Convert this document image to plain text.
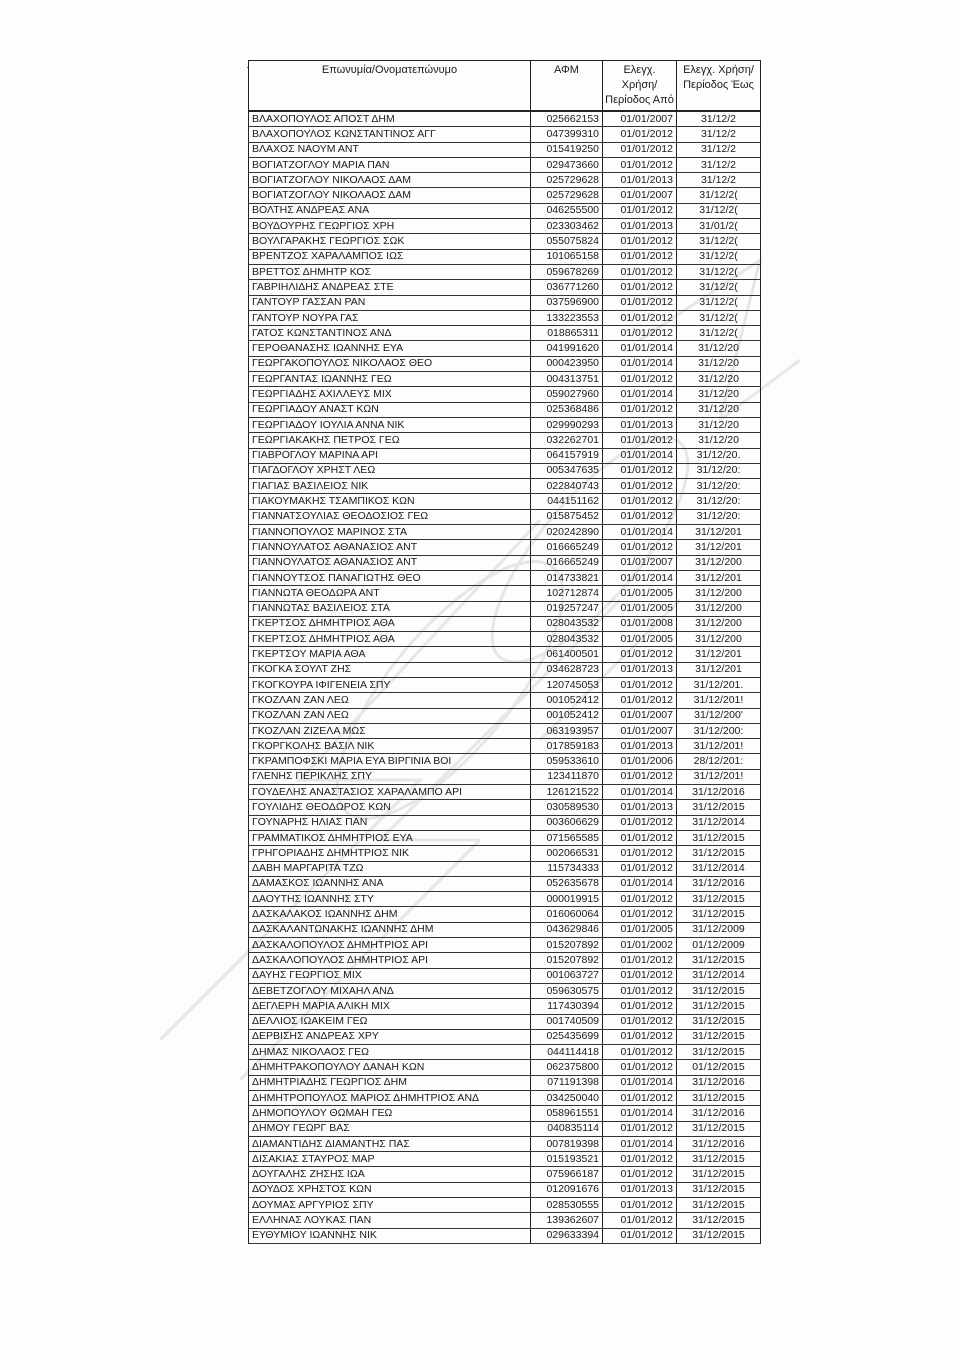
Επωνυμία/Ονοματεπώνυμο	ΑΦΜ	Ελεγχ. Χρήση/Περίοδος Από	Ελεγχ. Χρήση/Περίοδος Έως
ΒΛΑΧΟΠΟΥΛΟΣ ΑΠΟΣΤ ΔΗΜ	025662153	01/01/2007	31/12/2
ΒΛΑΧΟΠΟΥΛΟΣ ΚΩΝΣΤΑΝΤΙΝΟΣ ΑΓΓ	047399310	01/01/2012	31/12/2
ΒΛΑΧΟΣ ΝΑΟΥΜ ΑΝΤ	015419250	01/01/2012	31/12/2
ΒΟΓΙΑΤΖΟΓΛΟΥ ΜΑΡΙΑ ΠΑΝ	029473660	01/01/2012	31/12/2
ΒΟΓΙΑΤΖΟΓΛΟΥ ΝΙΚΟΛΑΟΣ ΔΑΜ	025729628	01/01/2013	31/12/2
ΒΟΓΙΑΤΖΟΓΛΟΥ ΝΙΚΟΛΑΟΣ ΔΑΜ	025729628	01/01/2007	31/12/2(
ΒΟΛΤΗΣ ΑΝΔΡΕΑΣ ΑΝΑ	046255500	01/01/2012	31/12/2(
ΒΟΥΔΟΥΡΗΣ ΓΕΩΡΓΙΟΣ ΧΡΗ	023303462	01/01/2013	31/01/2(
ΒΟΥΛΓΑΡΑΚΗΣ ΓΕΩΡΓΙΟΣ ΣΩΚ	055075824	01/01/2012	31/12/2(
ΒΡΕΝΤΖΟΣ ΧΑΡΑΛΑΜΠΟΣ ΙΩΣ	101065158	01/01/2012	31/12/2(
ΒΡΕΤΤΟΣ ΔΗΜΗΤΡ ΚΟΣ	059678269	01/01/2012	31/12/2(
ΓΑΒΡΙΗΛΙΔΗΣ ΑΝΔΡΕΑΣ ΣΤΕ	036771260	01/01/2012	31/12/2(
ΓΑΝΤΟΥΡ ΓΑΣΣΑΝ ΡΑΝ	037596900	01/01/2012	31/12/2(
ΓΑΝΤΟΥΡ ΝΟΥΡΑ ΓΑΣ	133223553	01/01/2012	31/12/2(
ΓΑΤΟΣ ΚΩΝΣΤΑΝΤΙΝΟΣ ΑΝΔ	018865311	01/01/2012	31/12/2(
ΓΕΡΟΘΑΝΑΣΗΣ ΙΩΑΝΝΗΣ ΕΥΑ	041991620	01/01/2014	31/12/20
ΓΕΩΡΓΑΚΟΠΟΥΛΟΣ ΝΙΚΟΛΑΟΣ ΘΕΟ	000423950	01/01/2014	31/12/20
ΓΕΩΡΓΑΝΤΑΣ ΙΩΑΝΝΗΣ ΓΕΩ	004313751	01/01/2012	31/12/20
ΓΕΩΡΓΙΑΔΗΣ ΑΧΙΛΛΕΥΣ ΜΙΧ	059027960	01/01/2014	31/12/20
ΓΕΩΡΓΙΑΔΟΥ ΑΝΑΣΤ ΚΩΝ	025368486	01/01/2012	31/12/20
ΓΕΩΡΓΙΑΔΟΥ ΙΟΥΛΙΑ ΑΝΝΑ ΝΙΚ	029990293	01/01/2013	31/12/20
ΓΕΩΡΓΙΑΚΑΚΗΣ ΠΕΤΡΟΣ ΓΕΩ	032262701	01/01/2012	31/12/20
ΓΙΑΒΡΟΓΛΟΥ ΜΑΡΙΝΑ ΑΡΙ	064157919	01/01/2014	31/12/20.
ΓΙΑΓΔΟΓΛΟΥ ΧΡΗΣΤ ΛΕΩ	005347635	01/01/2012	31/12/20:
ΓΙΑΓΙΑΣ ΒΑΣΙΛΕΙΟΣ ΝΙΚ	022840743	01/01/2012	31/12/20:
ΓΙΑΚΟΥΜΑΚΗΣ ΤΣΑΜΠΙΚΟΣ ΚΩΝ	044151162	01/01/2012	31/12/20:
ΓΙΑΝΝΑΤΣΟΥΛΙΑΣ ΘΕΟΔΟΣΙΟΣ ΓΕΩ	015875452	01/01/2012	31/12/20:
ΓΙΑΝΝΟΠΟΥΛΟΣ ΜΑΡΙΝΟΣ ΣΤΑ	020242890	01/01/2014	31/12/201
ΓΙΑΝΝΟΥΛΑΤΟΣ ΑΘΑΝΑΣΙΟΣ ΑΝΤ	016665249	01/01/2012	31/12/201
ΓΙΑΝΝΟΥΛΑΤΟΣ ΑΘΑΝΑΣΙΟΣ ΑΝΤ	016665249	01/01/2007	31/12/200
ΓΙΑΝΝΟΥΤΣΟΣ ΠΑΝΑΓΙΩΤΗΣ ΘΕΟ	014733821	01/01/2014	31/12/201
ΓΙΑΝΝΩΤΑ ΘΕΟΔΩΡΑ ΑΝΤ	102712874	01/01/2005	31/12/200
ΓΙΑΝΝΩΤΑΣ ΒΑΣΙΛΕΙΟΣ ΣΤΑ	019257247	01/01/2005	31/12/200
ΓΚΕΡΤΣΟΣ ΔΗΜΗΤΡΙΟΣ ΑΘΑ	028043532	01/01/2008	31/12/200
ΓΚΕΡΤΣΟΣ ΔΗΜΗΤΡΙΟΣ ΑΘΑ	028043532	01/01/2005	31/12/200
ΓΚΕΡΤΣΟΥ ΜΑΡΙΑ ΑΘΑ	061400501	01/01/2012	31/12/201
ΓΚΟΓΚΑ ΣΟΥΛΤ ΖΗΣ	034628723	01/01/2013	31/12/201
ΓΚΟΓΚΟΥΡΑ ΙΦΙΓΕΝΕΙΑ ΣΠΥ	120745053	01/01/2012	31/12/201.
ΓΚΟΖΛΑΝ ΖΑΝ ΛΕΩ	001052412	01/01/2012	31/12/201!
ΓΚΟΖΛΑΝ ΖΑΝ ΛΕΩ	001052412	01/01/2007	31/12/200'
ΓΚΟΖΛΑΝ ΖΙΖΕΛΑ ΜΩΣ	063193957	01/01/2007	31/12/200:
ΓΚΟΡΓΚΟΛΗΣ ΒΑΣΙΛ ΝΙΚ	017859183	01/01/2013	31/12/201!
ΓΚΡΑΜΠΟΦΣΚΙ ΜΑΡΙΑ ΕΥΑ ΒΙΡΓΙΝΙΑ ΒΟΙ	059533610	01/01/2006	28/12/201:
ΓΛΕΝΗΣ ΠΕΡΙΚΛΗΣ ΣΠΥ	123411870	01/01/2012	31/12/201!
ΓΟΥΔΕΛΗΣ ΑΝΑΣΤΑΣΙΟΣ ΧΑΡΑΛΑΜΠΟ ΑΡΙ	126121522	01/01/2014	31/12/2016
ΓΟΥΛΙΔΗΣ ΘΕΟΔΩΡΟΣ ΚΩΝ	030589530	01/01/2013	31/12/2015
ΓΟΥΝΑΡΗΣ ΗΛΙΑΣ ΠΑΝ	003606629	01/01/2012	31/12/2014
ΓΡΑΜΜΑΤΙΚΟΣ ΔΗΜΗΤΡΙΟΣ ΕΥΑ	071565585	01/01/2012	31/12/2015
ΓΡΗΓΟΡΙΑΔΗΣ ΔΗΜΗΤΡΙΟΣ ΝΙΚ	002066531	01/01/2012	31/12/2015
ΔΑΒΗ ΜΑΡΓΑΡΙΤΑ ΤΖΩ	115734333	01/01/2012	31/12/2014
ΔΑΜΑΣΚΟΣ ΙΩΑΝΝΗΣ ΑΝΑ	052635678	01/01/2014	31/12/2016
ΔΑΟΥΤΗΣ ΙΩΑΝΝΗΣ ΣΤΥ	000019915	01/01/2012	31/12/2015
ΔΑΣΚΑΛΑΚΟΣ ΙΩΑΝΝΗΣ ΔΗΜ	016060064	01/01/2012	31/12/2015
ΔΑΣΚΑΛΑΝΤΩΝΑΚΗΣ ΙΩΑΝΝΗΣ ΔΗΜ	043629846	01/01/2005	31/12/2009
ΔΑΣΚΑΛΟΠΟΥΛΟΣ ΔΗΜΗΤΡΙΟΣ ΑΡΙ	015207892	01/01/2002	01/12/2009
ΔΑΣΚΑΛΟΠΟΥΛΟΣ ΔΗΜΗΤΡΙΟΣ ΑΡΙ	015207892	01/01/2012	31/12/2015
ΔΑΥΗΣ ΓΕΩΡΓΙΟΣ ΜΙΧ	001063727	01/01/2012	31/12/2014
ΔΕΒΕΤΖΟΓΛΟΥ ΜΙΧΑΗΛ ΑΝΔ	059630575	01/01/2012	31/12/2015
ΔΕΓΛΕΡΗ ΜΑΡΙΑ ΑΛΙΚΗ ΜΙΧ	117430394	01/01/2012	31/12/2015
ΔΕΛΛΙΟΣ ΙΩΑΚΕΙΜ ΓΕΩ	001740509	01/01/2012	31/12/2015
ΔΕΡΒΙΣΗΣ ΑΝΔΡΕΑΣ ΧΡΥ	025435699	01/01/2012	31/12/2015
ΔΗΜΑΣ ΝΙΚΟΛΑΟΣ ΓΕΩ	044114418	01/01/2012	31/12/2015
ΔΗΜΗΤΡΑΚΟΠΟΥΛΟΥ ΔΑΝΑΗ ΚΩΝ	062375800	01/01/2012	01/12/2015
ΔΗΜΗΤΡΙΑΔΗΣ ΓΕΩΡΓΙΟΣ ΔΗΜ	071191398	01/01/2014	31/12/2016
ΔΗΜΗΤΡΟΠΟΥΛΟΣ ΜΑΡΙΟΣ ΔΗΜΗΤΡΙΟΣ ΑΝΔ	034250040	01/01/2012	31/12/2015
ΔΗΜΟΠΟΥΛΟΥ ΘΩΜΑΗ ΓΕΩ	058961551	01/01/2014	31/12/2016
ΔΗΜΟΥ ΓΕΩΡΓ ΒΑΣ	040835114	01/01/2012	31/12/2015
ΔΙΑΜΑΝΤΙΔΗΣ ΔΙΑΜΑΝΤΗΣ ΠΑΣ	007819398	01/01/2014	31/12/2016
ΔΙΣΑΚΙΑΣ ΣΤΑΥΡΟΣ ΜΑΡ	015193521	01/01/2012	31/12/2015
ΔΟΥΓΑΛΗΣ ΖΗΣΗΣ ΙΩΑ	075966187	01/01/2012	31/12/2015
ΔΟΥΔΟΣ ΧΡΗΣΤΟΣ ΚΩΝ	012091676	01/01/2013	31/12/2015
ΔΟΥΜΑΣ ΑΡΓΥΡΙΟΣ ΣΠΥ	028530555	01/01/2012	31/12/2015
ΕΛΛΗΝΑΣ ΛΟΥΚΑΣ ΠΑΝ	139362607	01/01/2012	31/12/2015
ΕΥΘΥΜΙΟΥ ΙΩΑΝΝΗΣ ΝΙΚ	029633394	01/01/2012	31/12/2015
·
